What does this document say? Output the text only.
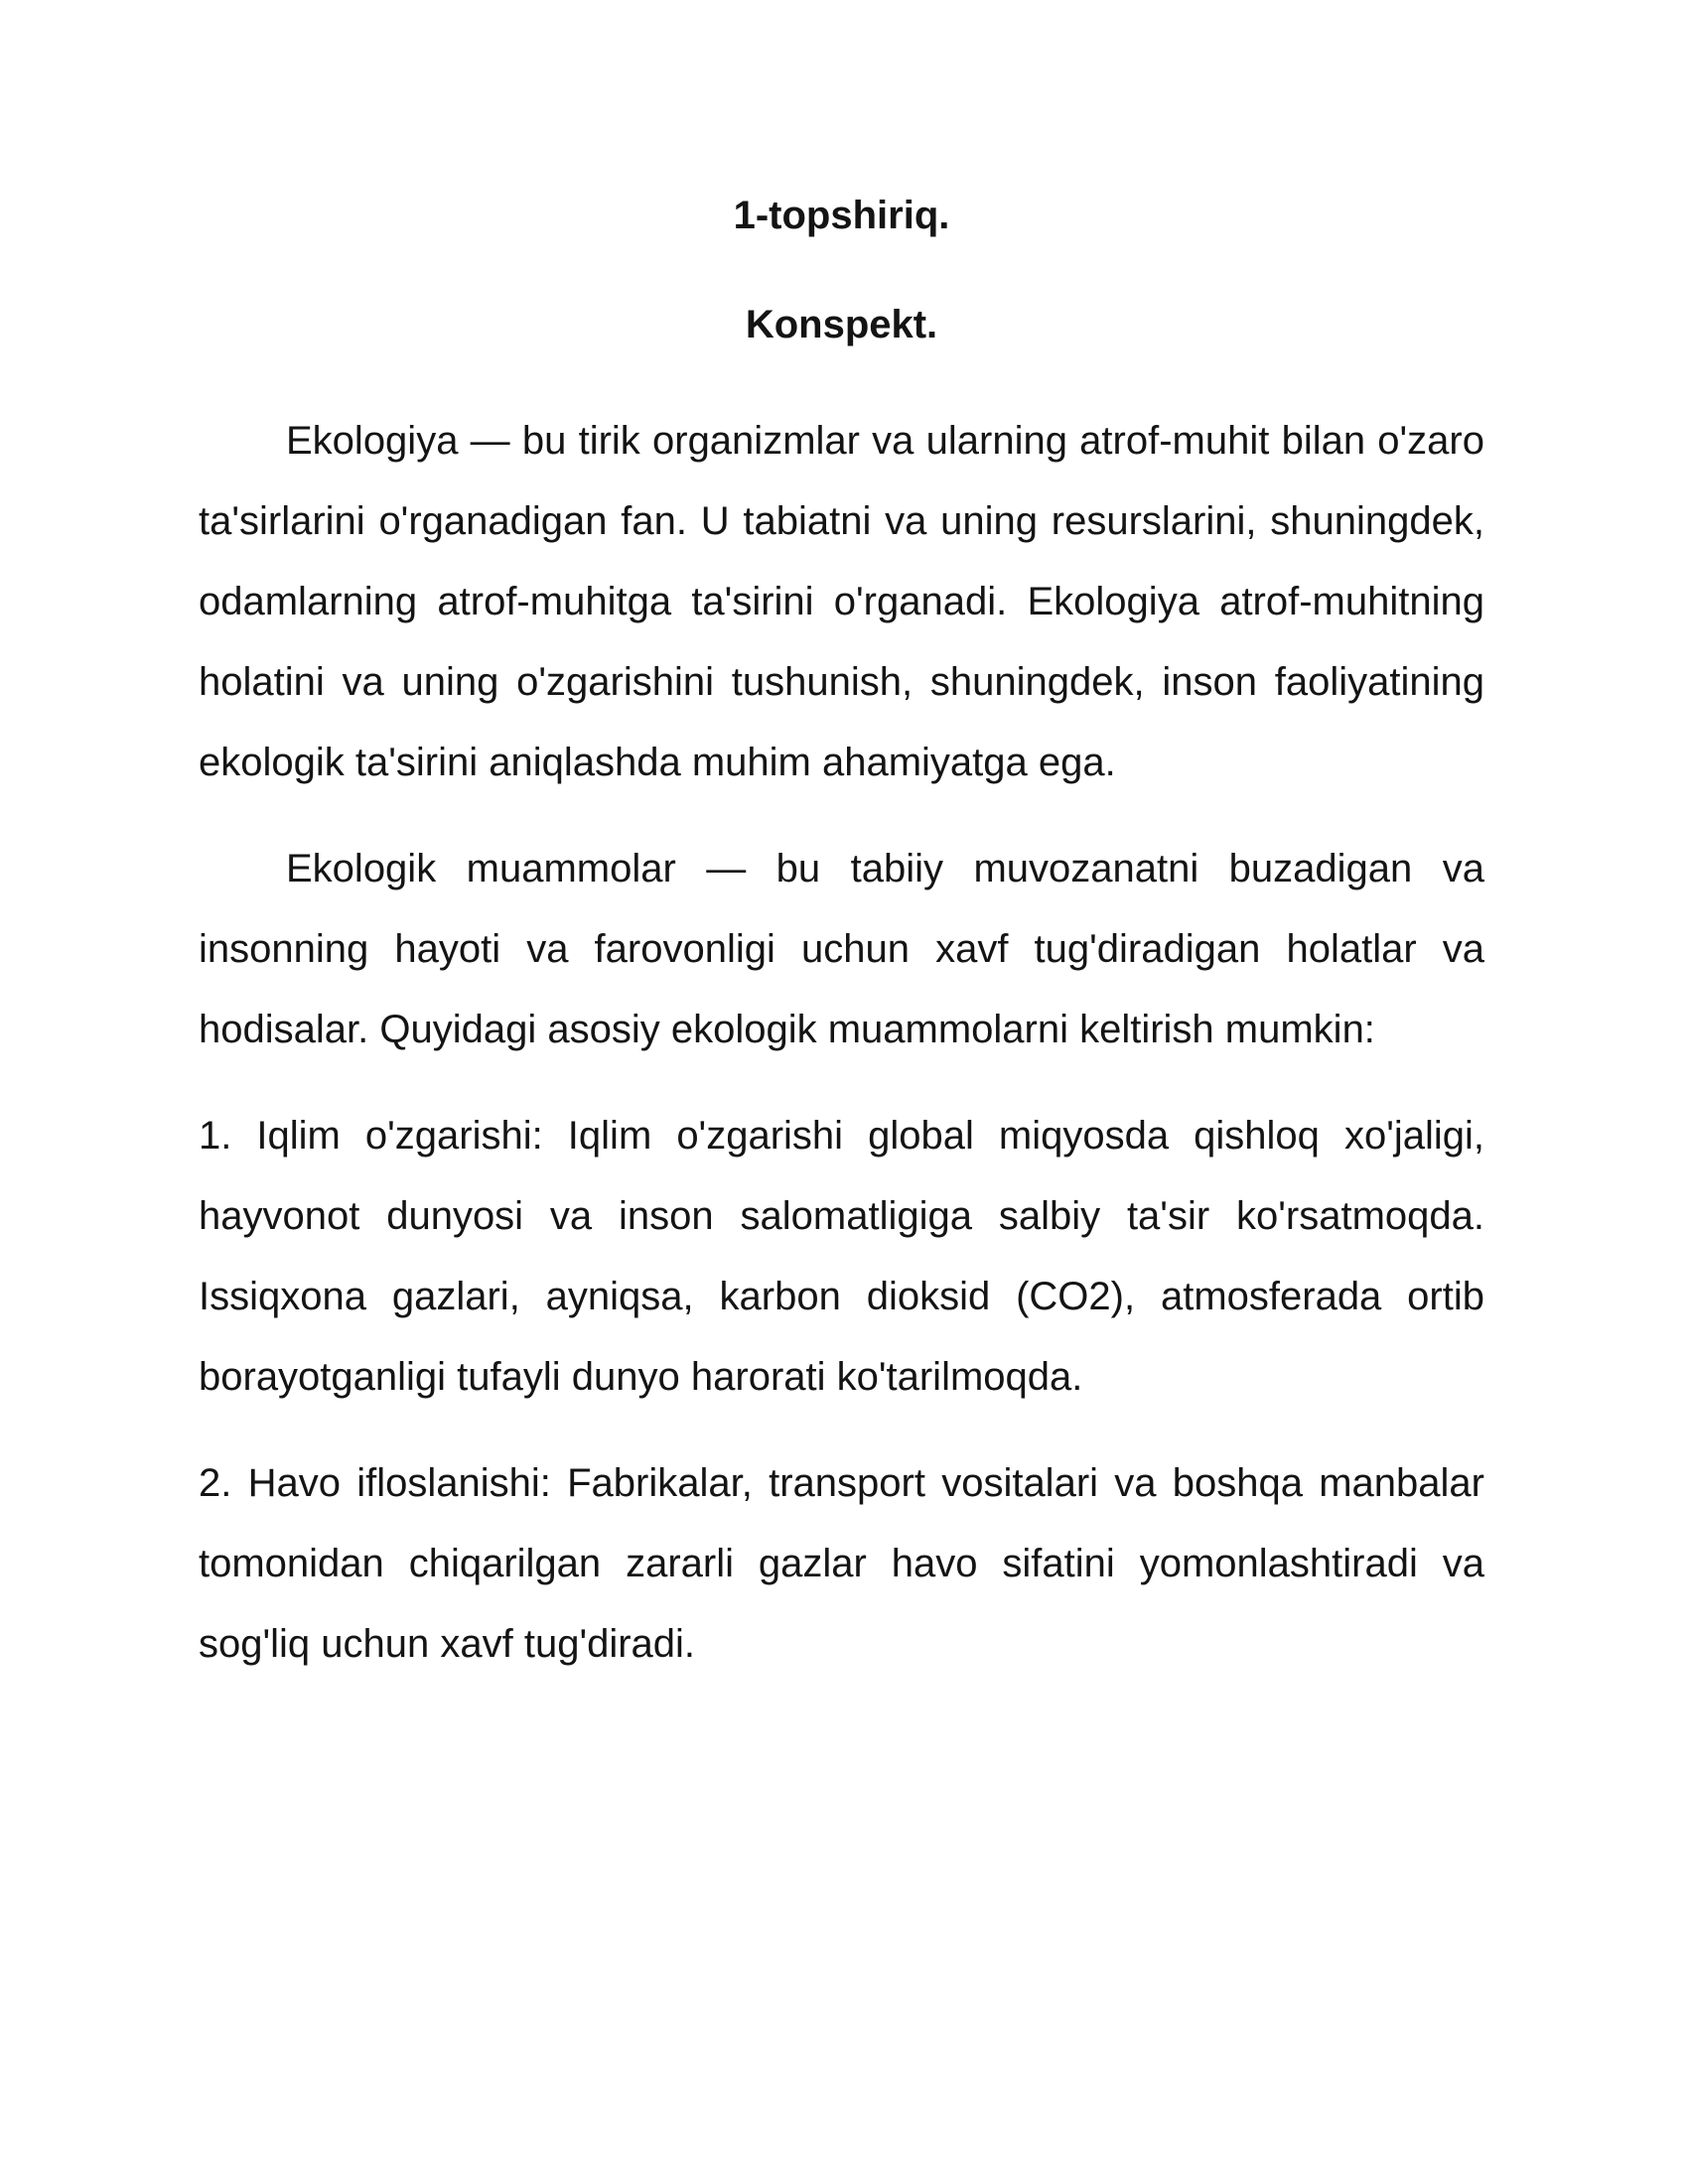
1-topshiriq.

Konspekt.

Ekologiya — bu tirik organizmlar va ularning atrof-muhit bilan o'zaro ta'sirlarini o'rganadigan fan. U tabiatni va uning resurslarini, shuningdek, odamlarning atrof-muhitga ta'sirini o'rganadi. Ekologiya atrof-muhitning holatini va uning o'zgarishini tushunish, shuningdek, inson faoliyatining ekologik ta'sirini aniqlashda muhim ahamiyatga ega.

Ekologik muammolar — bu tabiiy muvozanatni buzadigan va insonning hayoti va farovonligi uchun xavf tug'diradigan holatlar va hodisalar. Quyidagi asosiy ekologik muammolarni keltirish mumkin:

1. Iqlim o'zgarishi: Iqlim o'zgarishi global miqyosda qishloq xo'jaligi, hayvonot dunyosi va inson salomatligiga salbiy ta'sir ko'rsatmoqda. Issiqxona gazlari, ayniqsa, karbon dioksid (CO2), atmosferada ortib borayotganligi tufayli dunyo harorati ko'tarilmoqda.

2. Havo ifloslanishi: Fabrikalar, transport vositalari va boshqa manbalar tomonidan chiqarilgan zararli gazlar havo sifatini yomonlashtiradi va sog'liq uchun xavf tug'diradi.
